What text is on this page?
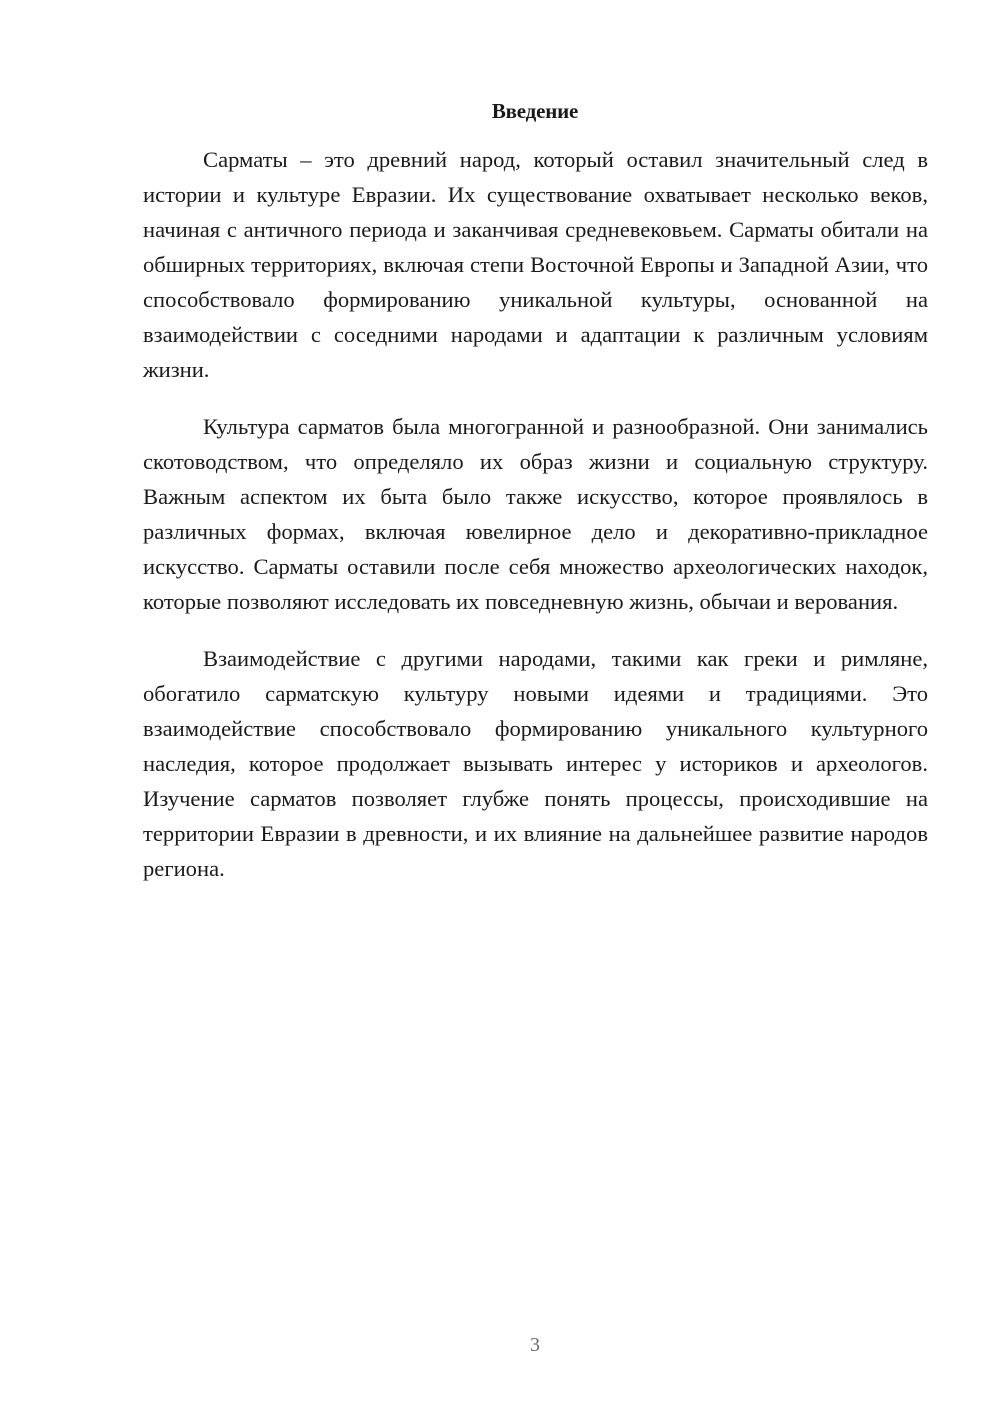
Введение

Сарматы – это древний народ, который оставил значительный след в истории и культуре Евразии. Их существование охватывает несколько веков, начиная с античного периода и заканчивая средневековьем. Сарматы обитали на обширных территориях, включая степи Восточной Европы и Западной Азии, что способствовало формированию уникальной культуры, основанной на взаимодействии с соседними народами и адаптации к различным условиям жизни.

Культура сарматов была многогранной и разнообразной. Они занимались скотоводством, что определяло их образ жизни и социальную структуру. Важным аспектом их быта было также искусство, которое проявлялось в различных формах, включая ювелирное дело и декоративно-прикладное искусство. Сарматы оставили после себя множество археологических находок, которые позволяют исследовать их повседневную жизнь, обычаи и верования.

Взаимодействие с другими народами, такими как греки и римляне, обогатило сарматскую культуру новыми идеями и традициями. Это взаимодействие способствовало формированию уникального культурного наследия, которое продолжает вызывать интерес у историков и археологов. Изучение сарматов позволяет глубже понять процессы, происходившие на территории Евразии в древности, и их влияние на дальнейшее развитие народов региона.

3
